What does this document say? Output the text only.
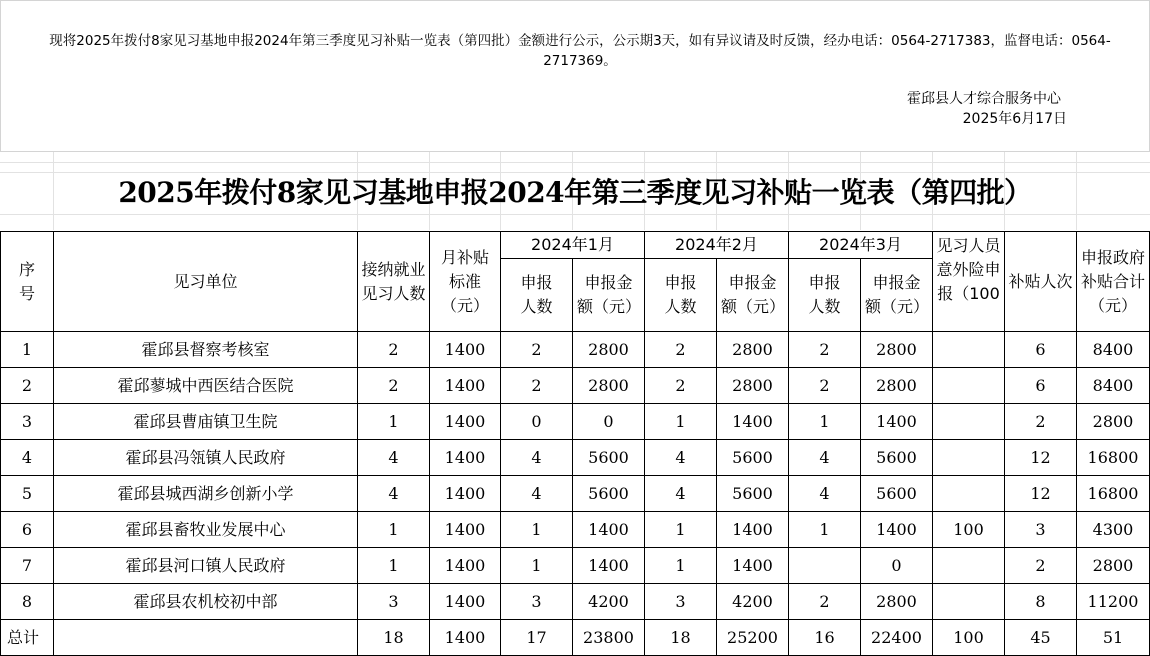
现将2025年拨付8家见习基地申报2024年第三季度见习补贴一览表（第四批）金额进行公示，公示期3天，如有异议请及时反馈，经办电话：0564-2717383，监督电话：0564-2717369。
霍邱县人才综合服务中心
2025年6月17日
2025年拨付8家见习基地申报2024年第三季度见习补贴一览表（第四批）
序号	见习单位	接纳就业见习人数	月补贴标准（元）	2024年1月		2024年2月		2024年3月		见习人员意外险申报（100	补贴人次	申报政府补贴合计（元）
				申报人数	申报金额（元）	申报人数	申报金额（元）	申报人数	申报金额（元）			
1	霍邱县督察考核室	2	1400	2	2800	2	2800	2	2800		6	8400
2	霍邱蓼城中西医结合医院	2	1400	2	2800	2	2800	2	2800		6	8400
3	霍邱县曹庙镇卫生院	1	1400	0	0	1	1400	1	1400		2	2800
4	霍邱县冯瓴镇人民政府	4	1400	4	5600	4	5600	4	5600		12	16800
5	霍邱县城西湖乡创新小学	4	1400	4	5600	4	5600	4	5600		12	16800
6	霍邱县畜牧业发展中心	1	1400	1	1400	1	1400	1	1400	100	3	4300
7	霍邱县河口镇人民政府	1	1400	1	1400	1	1400		0		2	2800
8	霍邱县农机校初中部	3	1400	3	4200	3	4200	2	2800		8	11200
总计		18	1400	17	23800	18	25200	16	22400	100	45	51
